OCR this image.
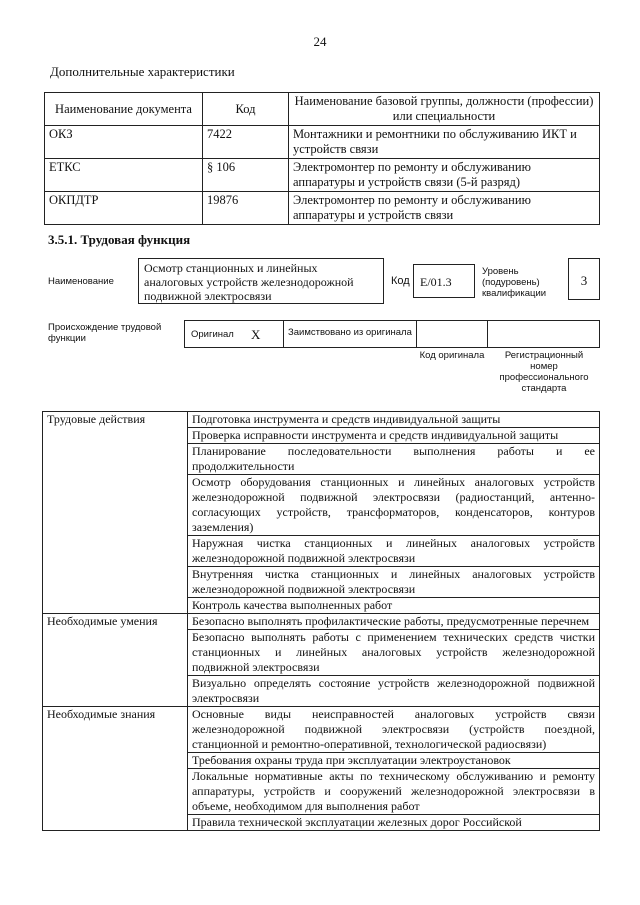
24
Дополнительные характеристики
Наименование документа	Код	Наименование базовой группы, должности (профессии) или специальности
ОКЗ	7422	Монтажники и ремонтники по обслуживанию ИКТ и устройств связи
ЕТКС	§ 106	Электромонтер по ремонту и обслуживанию аппаратуры и устройств связи (5-й разряд)
ОКПДТР	19876	Электромонтер по ремонту и обслуживанию аппаратуры и устройств связи
3.5.1. Трудовая функция
Наименование
Осмотр станционных и линейных аналоговых устройств железнодорожной подвижной электросвязи
Код E/01.3
Уровень (подуровень) квалификации
3
Происхождение трудовой функции	Оригинал X	Заимствовано из оригинала
Код оригинала	Регистрационный номер профессионального стандарта
Трудовые действия	Подготовка инструмента и средств индивидуальной защиты
	Проверка исправности инструмента и средств индивидуальной защиты
	Планирование последовательности выполнения работы и ее продолжительности
	Осмотр оборудования станционных и линейных аналоговых устройств железнодорожной подвижной электросвязи (радиостанций, антенно-согласующих устройств, трансформаторов, конденсаторов, контуров заземления)
	Наружная чистка станционных и линейных аналоговых устройств железнодорожной подвижной электросвязи
	Внутренняя чистка станционных и линейных аналоговых устройств железнодорожной подвижной электросвязи
	Контроль качества выполненных работ
Необходимые умения	Безопасно выполнять профилактические работы, предусмотренные перечнем
	Безопасно выполнять работы с применением технических средств чистки станционных и линейных аналоговых устройств железнодорожной подвижной электросвязи
	Визуально определять состояние устройств железнодорожной подвижной электросвязи
Необходимые знания	Основные виды неисправностей аналоговых устройств связи железнодорожной подвижной электросвязи (устройств поездной, станционной и ремонтно-оперативной, технологической радиосвязи)
	Требования охраны труда при эксплуатации электроустановок
	Локальные нормативные акты по техническому обслуживанию и ремонту аппаратуры, устройств и сооружений железнодорожной электросвязи в объеме, необходимом для выполнения работ
	Правила технической эксплуатации железных дорог Российской
